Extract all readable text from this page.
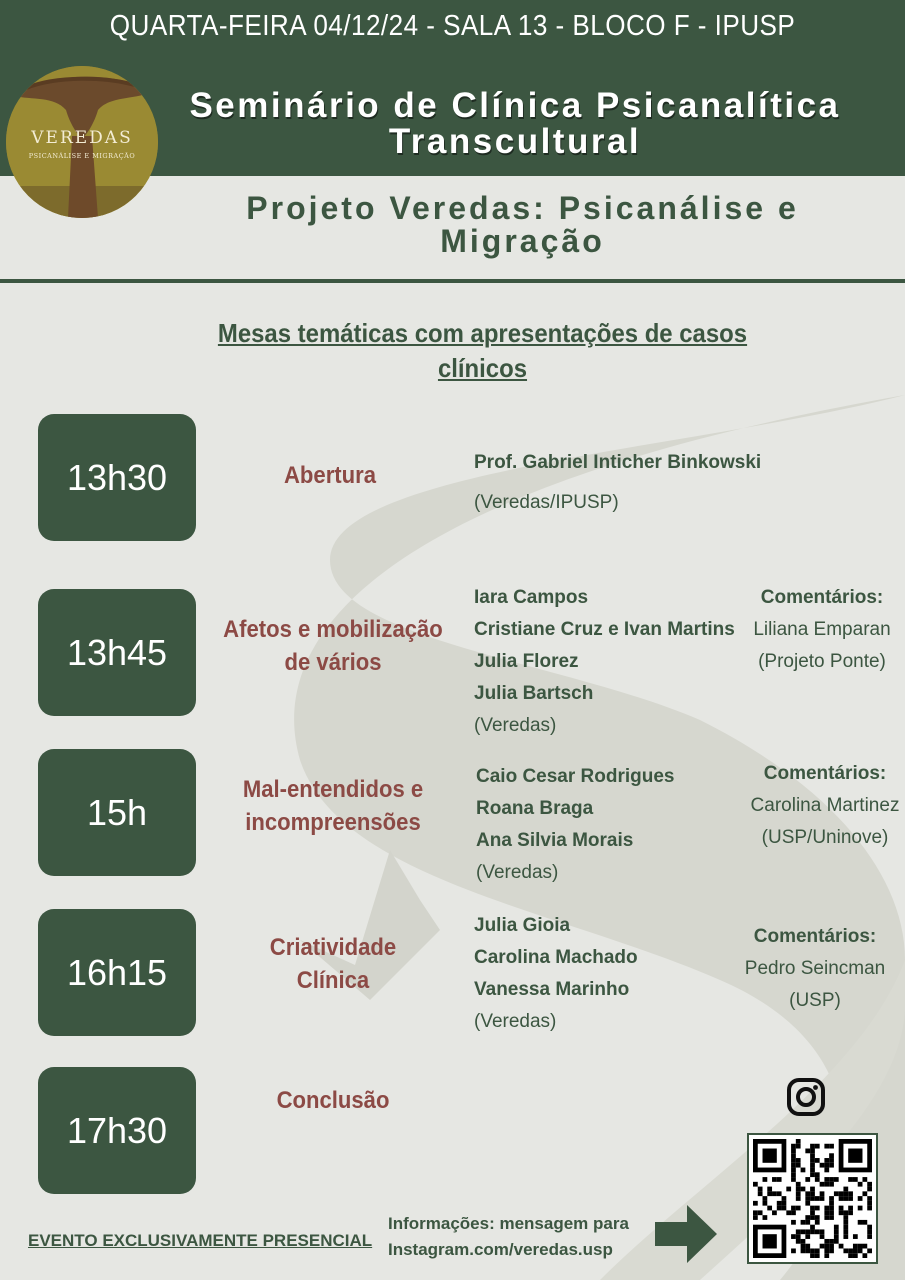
QUARTA-FEIRA 04/12/24 - SALA 13 - BLOCO F - IPUSP
VEREDAS
PSICANÁLISE E MIGRAÇÃO
Seminário de Clínica Psicanalítica
Transcultural
Projeto Veredas: Psicanálise e
Migração
Mesas temáticas com apresentações de casos
clínicos
13h30	Abertura	Prof. Gabriel Inticher Binkowski
(Veredas/IPUSP)
13h45
Afetos e mobilização
de vários
Iara Campos
Cristiane Cruz e Ivan Martins
Julia Florez
Julia Bartsch
(Veredas)
Comentários:
Liliana Emparan
(Projeto Ponte)
15h
Mal-entendidos e
incompreensões
Caio Cesar Rodrigues
Roana Braga
Ana Silvia Morais
(Veredas)
Comentários:
Carolina Martinez
(USP/Uninove)
16h15
Criatividade
Clínica
Julia Gioia
Carolina Machado
Vanessa Marinho
(Veredas)
Comentários:
Pedro Seincman
(USP)
17h30
Conclusão
EVENTO EXCLUSIVAMENTE PRESENCIAL
Informações: mensagem para
Instagram.com/veredas.usp
